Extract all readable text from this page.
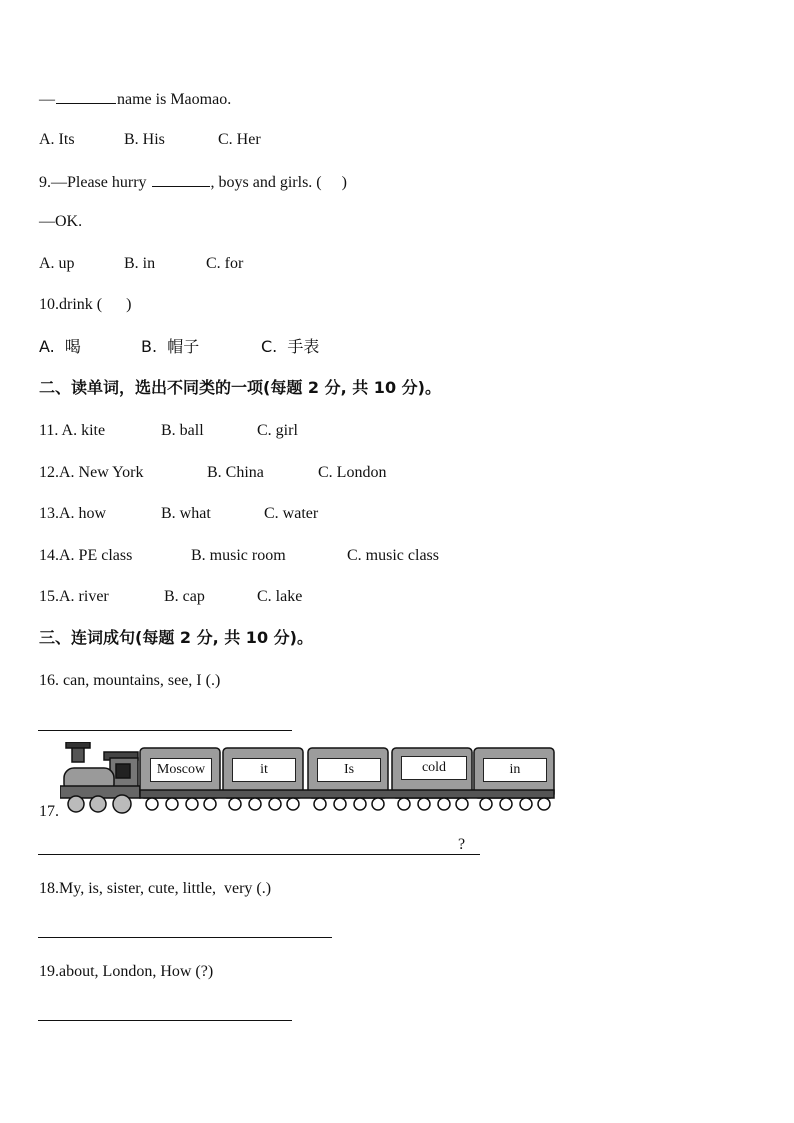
—	name is Maomao.
A. Its	B. His	C. Her
9.—Please hurry	, boys and girls. (     )
—OK.
A. up	B. in	C. for
10.drink (      )
A.  喝	B.  帽子	C.  手表
二、读单词，选出不同类的一项(每题 2 分, 共 10 分)。
11. A. kite	B. ball	C. girl
12.A. New York	B. China	C. London
13.A. how	B. what	C. water
14.A. PE class	B. music room	C. music class
15.A. river	B. cap	C. lake
三、连词成句(每题 2 分, 共 10 分)。
16. can, mountains, see, I (.)
17.
Moscow	it	Is	cold	in
?
18.My, is, sister, cute, little,  very (.)
19.about, London, How (?)
